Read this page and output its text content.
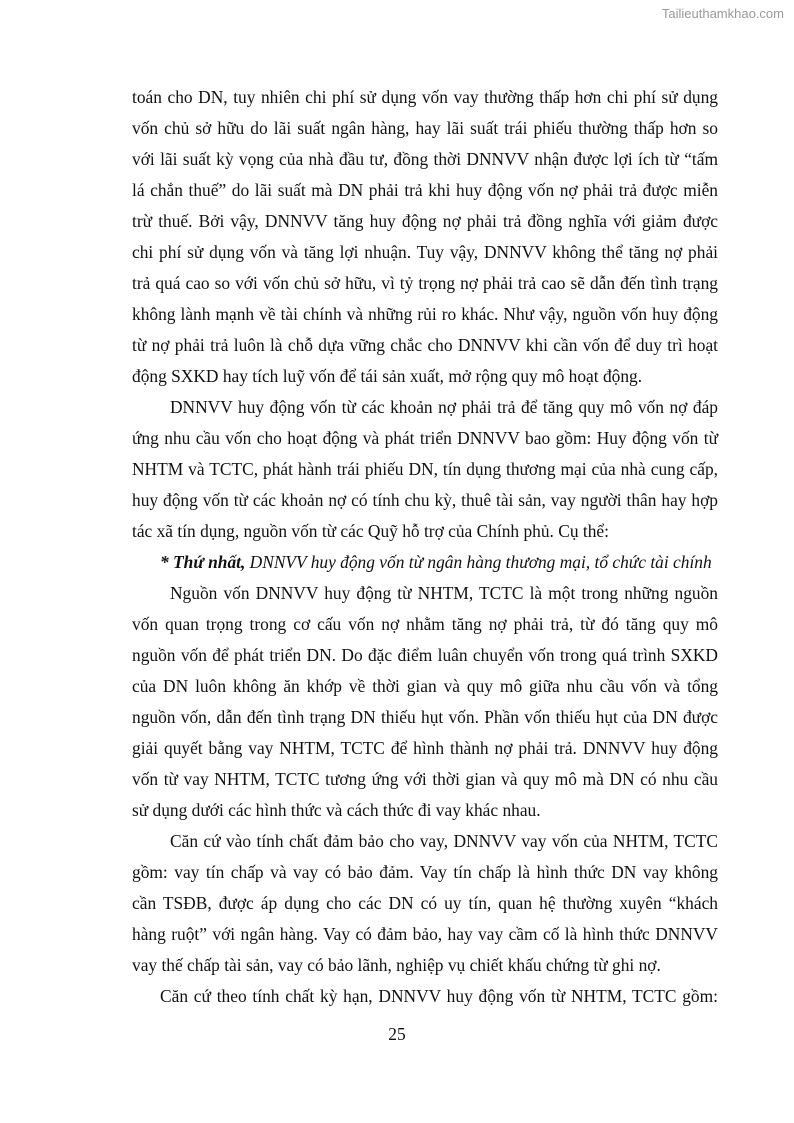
Tailieuthamkhao.com
toán cho DN, tuy nhiên chi phí sử dụng vốn vay thường thấp hơn chi phí sử dụng
vốn chủ sở hữu do lãi suất ngân hàng, hay lãi suất trái phiếu thường thấp hơn so
với lãi suất kỳ vọng của nhà đầu tư, đồng thời DNNVV nhận được lợi ích từ “tấm
lá chắn thuế” do lãi suất mà DN phải trả khi huy động vốn nợ phải trả được miễn
trừ thuế. Bởi vậy, DNNVV tăng huy động nợ phải trả đồng nghĩa với giảm được
chi phí sử dụng vốn và tăng lợi nhuận. Tuy vậy, DNNVV không thể tăng nợ phải
trả quá cao so với vốn chủ sở hữu, vì tỷ trọng nợ phải trả cao sẽ dẫn đến tình trạng
không lành mạnh về tài chính và những rủi ro khác. Như vậy, nguồn vốn huy động
từ nợ phải trả luôn là chỗ dựa vững chắc cho DNNVV khi cần vốn để duy trì hoạt
động SXKD hay tích luỹ vốn để tái sản xuất, mở rộng quy mô hoạt động.
DNNVV huy động vốn từ các khoản nợ phải trả để tăng quy mô vốn nợ đáp
ứng nhu cầu vốn cho hoạt động và phát triển DNNVV bao gồm: Huy động vốn từ
NHTM và TCTC, phát hành trái phiếu DN, tín dụng thương mại của nhà cung cấp,
huy động vốn từ các khoản nợ có tính chu kỳ, thuê tài sản, vay người thân hay hợp
tác xã tín dụng, nguồn vốn từ các Quỹ hỗ trợ của Chính phủ. Cụ thể:
* Thứ nhất, DNNVV huy động vốn từ ngân hàng thương mại, tổ chức tài chính
Nguồn vốn DNNVV huy động từ NHTM, TCTC là một trong những nguồn
vốn quan trọng trong cơ cấu vốn nợ nhằm tăng nợ phải trả, từ đó tăng quy mô
nguồn vốn để phát triển DN. Do đặc điểm luân chuyển vốn trong quá trình SXKD
của DN luôn không ăn khớp về thời gian và quy mô giữa nhu cầu vốn và tổng
nguồn vốn, dẫn đến tình trạng DN thiếu hụt vốn. Phần vốn thiếu hụt của DN được
giải quyết bằng vay NHTM, TCTC để hình thành nợ phải trả. DNNVV huy động
vốn từ vay NHTM, TCTC tương ứng với thời gian và quy mô mà DN có nhu cầu
sử dụng dưới các hình thức và cách thức đi vay khác nhau.
Căn cứ vào tính chất đảm bảo cho vay, DNNVV vay vốn của NHTM, TCTC
gồm: vay tín chấp và vay có bảo đảm. Vay tín chấp là hình thức DN vay không
cần TSĐB, được áp dụng cho các DN có uy tín, quan hệ thường xuyên “khách
hàng ruột” với ngân hàng. Vay có đảm bảo, hay vay cầm cố là hình thức DNNVV
vay thế chấp tài sản, vay có bảo lãnh, nghiệp vụ chiết khấu chứng từ ghi nợ.
Căn cứ theo tính chất kỳ hạn, DNNVV huy động vốn từ NHTM, TCTC gồm:
25
